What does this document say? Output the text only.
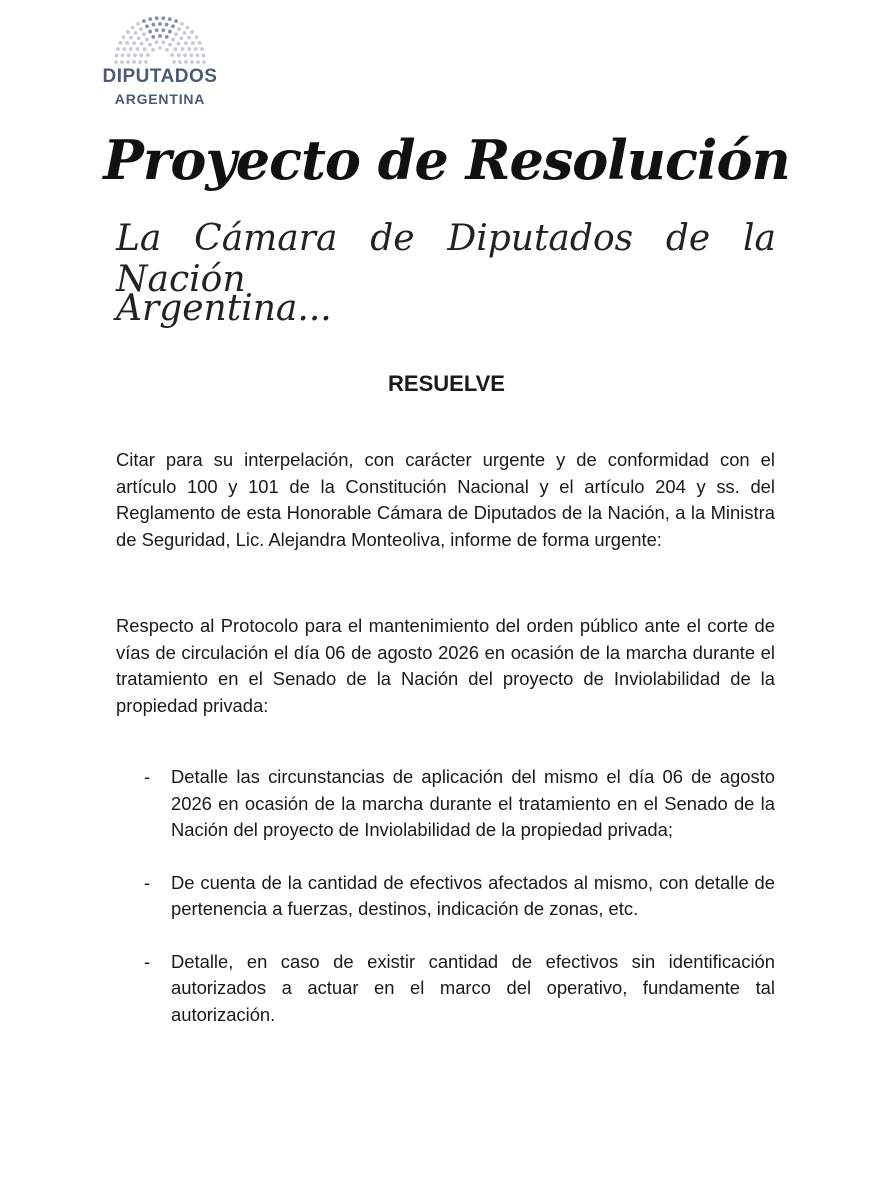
DIPUTADOS
ARGENTINA
Proyecto de Resolución
La Cámara de Diputados de la Nación
Argentina...
RESUELVE

Citar para su interpelación, con carácter urgente y de conformidad con el artículo 100 y 101 de la Constitución Nacional y el artículo 204 y ss. del Reglamento de esta Honorable Cámara de Diputados de la Nación, a la Ministra de Seguridad, Lic. Alejandra Monteoliva, informe de forma urgente:

Respecto al Protocolo para el mantenimiento del orden público ante el corte de vías de circulación el día 06 de agosto 2026 en ocasión de la marcha durante el tratamiento en el Senado de la Nación del proyecto de Inviolabilidad de la propiedad privada:

- Detalle las circunstancias de aplicación del mismo el día 06 de agosto 2026 en ocasión de la marcha durante el tratamiento en el Senado de la Nación del proyecto de Inviolabilidad de la propiedad privada;
- De cuenta de la cantidad de efectivos afectados al mismo, con detalle de pertenencia a fuerzas, destinos, indicación de zonas, etc.
- Detalle, en caso de existir cantidad de efectivos sin identificación autorizados a actuar en el marco del operativo, fundamente tal autorización.
